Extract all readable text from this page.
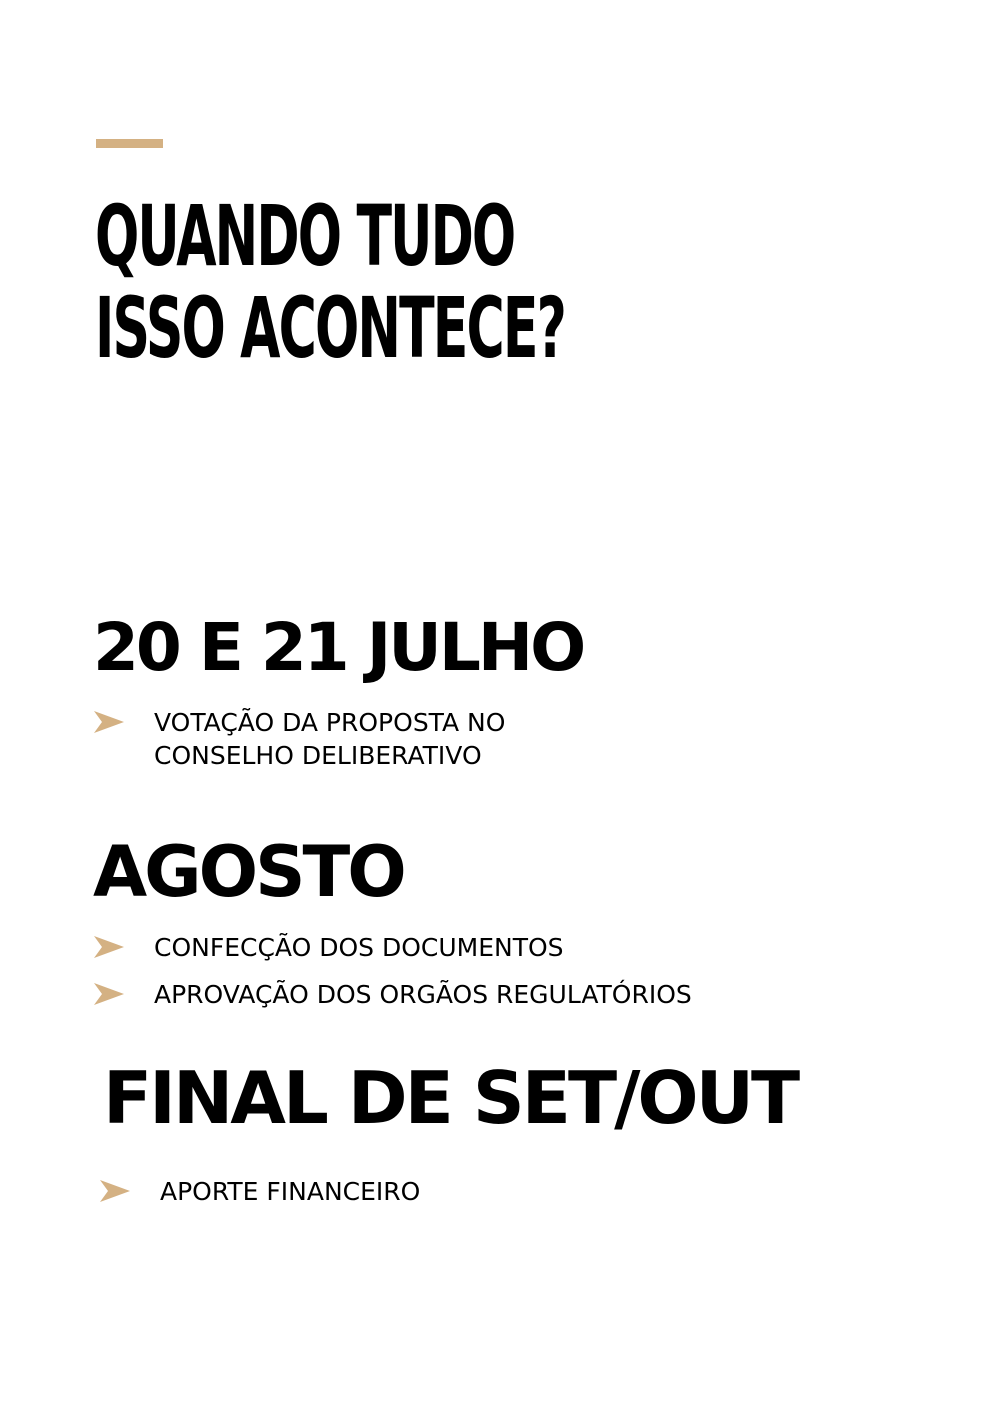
QUANDO TUDO
ISSO ACONTECE?
20 E 21 JULHO
VOTAÇÃO DA PROPOSTA NO
CONSELHO DELIBERATIVO
AGOSTO
CONFECÇÃO DOS DOCUMENTOS
APROVAÇÃO DOS ORGÃOS REGULATÓRIOS
FINAL DE SET/OUT
APORTE FINANCEIRO
